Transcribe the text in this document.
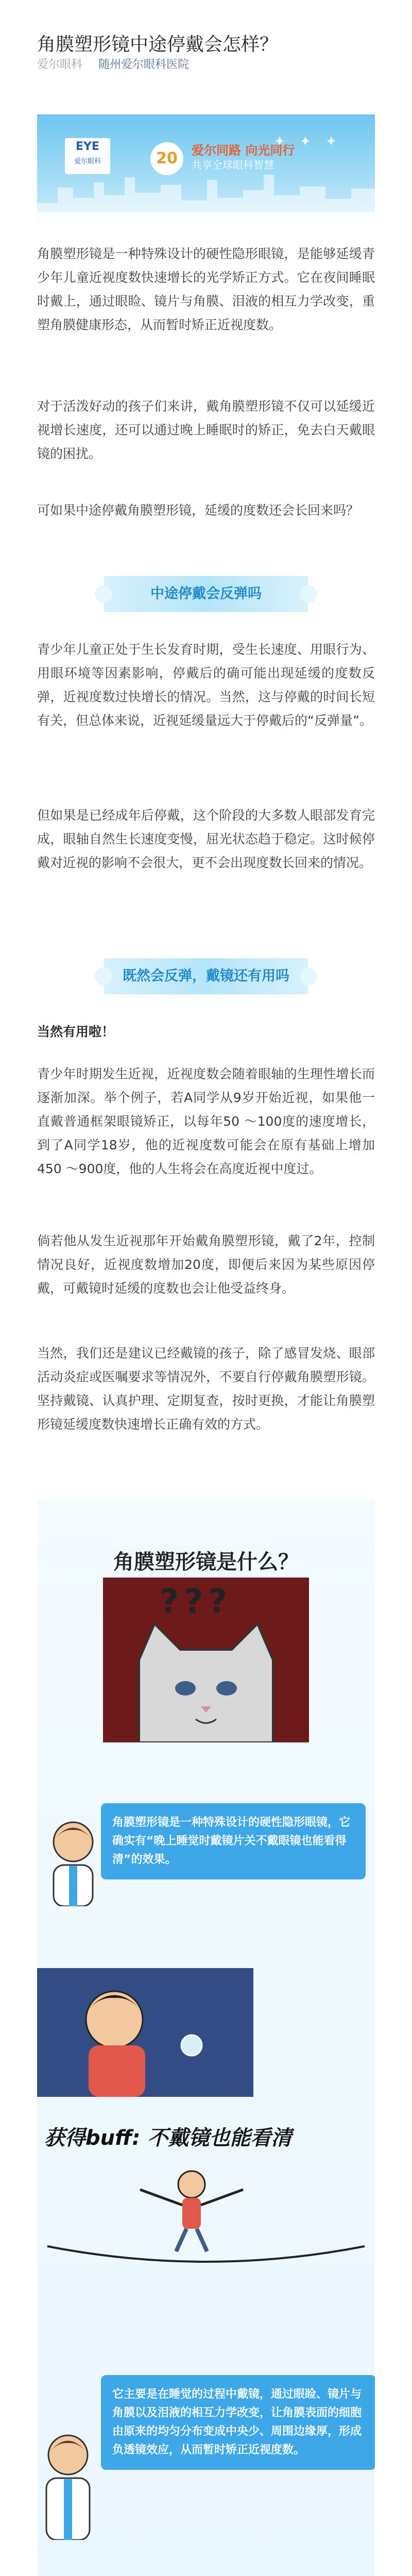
角膜塑形镜中途停戴会怎样？
爱尔眼科 随州爱尔眼科医院
EYE
爱尔眼科	20	爱尔同路 向光同行
共享全球眼科智慧
✦ ✦ ✦

角膜塑形镜是一种特殊设计的硬性隐形眼镜，是能够延缓青少年儿童近视度数快速增长的光学矫正方式。它在夜间睡眠时戴上，通过眼睑、镜片与角膜、泪液的相互力学改变，重塑角膜健康形态，从而暂时矫正近视度数。

对于活泼好动的孩子们来讲，戴角膜塑形镜不仅可以延缓近视增长速度，还可以通过晚上睡眠时的矫正，免去白天戴眼镜的困扰。

可如果中途停戴角膜塑形镜，延缓的度数还会长回来吗？

中途停戴会反弹吗

青少年儿童正处于生长发育时期，受生长速度、用眼行为、用眼环境等因素影响，停戴后的确可能出现延缓的度数反弹，近视度数过快增长的情况。当然，这与停戴的时间长短有关，但总体来说，近视延缓量远大于停戴后的“反弹量”。

但如果是已经成年后停戴，这个阶段的大多数人眼部发育完成，眼轴自然生长速度变慢，屈光状态趋于稳定。这时候停戴对近视的影响不会很大，更不会出现度数长回来的情况。

既然会反弹，戴镜还有用吗

当然有用啦！

青少年时期发生近视，近视度数会随着眼轴的生理性增长而逐渐加深。举个例子，若A同学从9岁开始近视，如果他一直戴普通框架眼镜矫正，以每年50 ～100度的速度增长，到了A同学18岁，他的近视度数可能会在原有基础上增加450 ～900度，他的人生将会在高度近视中度过。

倘若他从发生近视那年开始戴角膜塑形镜，戴了2年，控制情况良好，近视度数增加20度，即便后来因为某些原因停戴，可戴镜时延缓的度数也会让他受益终身。

当然，我们还是建议已经戴镜的孩子，除了感冒发烧、眼部活动炎症或医嘱要求等情况外，不要自行停戴角膜塑形镜。坚持戴镜、认真护理、定期复查，按时更换，才能让角膜塑形镜延缓度数快速增长正确有效的方式。

角膜塑形镜是什么？
???
角膜塑形镜是一种特殊设计的硬性隐形眼镜，它确实有“晚上睡觉时戴镜片关不戴眼镜也能看得清”的效果。
获得buff: 不戴镜也能看清
它主要是在睡觉的过程中戴镜，通过眼睑、镜片与角膜以及泪液的相互力学改变，让角膜表面的细胞由原来的均匀分布变成中央少、周围边缘厚，形成负透镜效应，从而暂时矫正近视度数。
